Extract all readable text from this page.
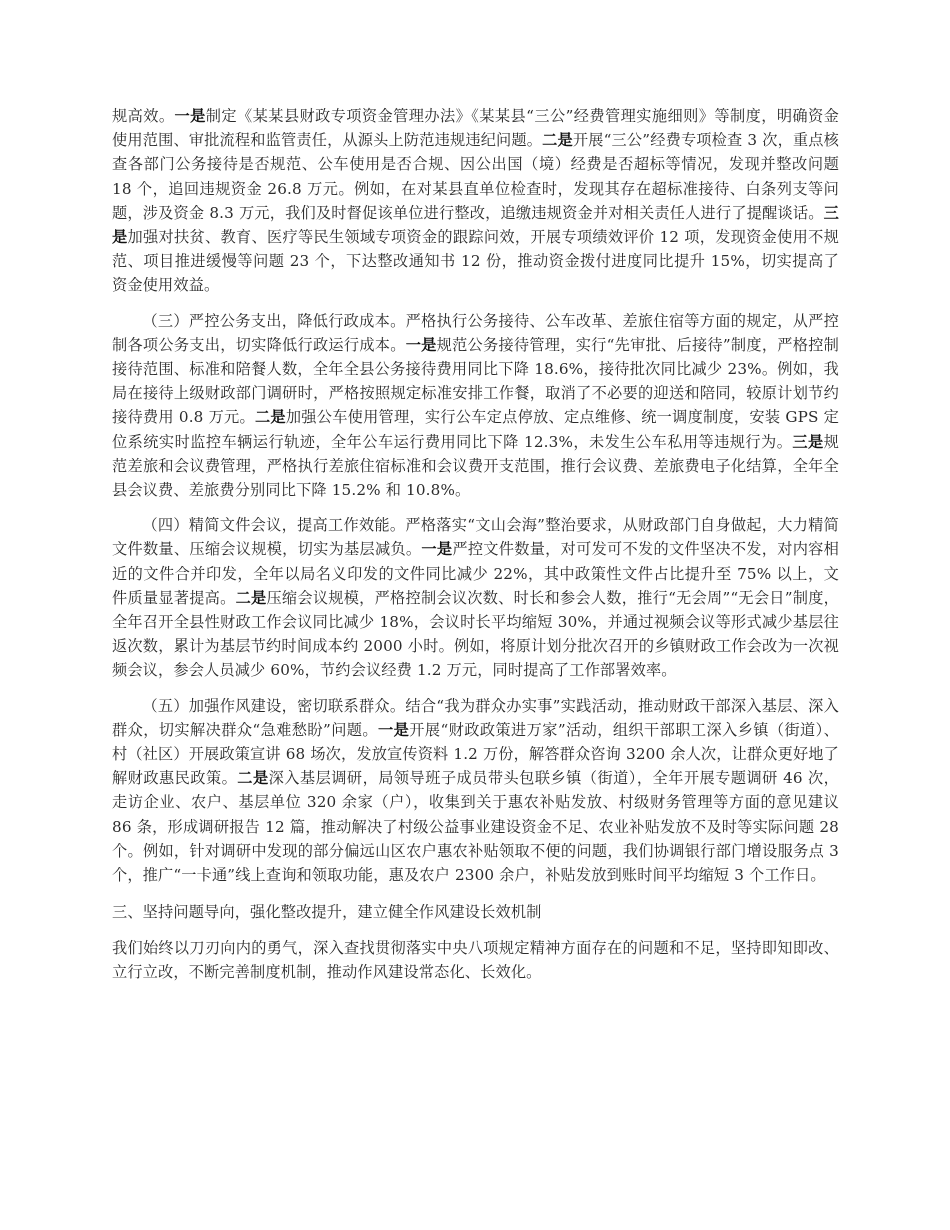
规高效。一是制定《某某县财政专项资金管理办法》《某某县“三公”经费管理实施细则》等制度，明确资金使用范围、审批流程和监管责任，从源头上防范违规违纪问题。二是开展“三公”经费专项检查 3 次，重点核查各部门公务接待是否规范、公车使用是否合规、因公出国（境）经费是否超标等情况，发现并整改问题 18 个，追回违规资金 26.8 万元。例如，在对某县直单位检查时，发现其存在超标准接待、白条列支等问题，涉及资金 8.3 万元，我们及时督促该单位进行整改，追缴违规资金并对相关责任人进行了提醒谈话。三是加强对扶贫、教育、医疗等民生领域专项资金的跟踪问效，开展专项绩效评价 12 项，发现资金使用不规范、项目推进缓慢等问题 23 个，下达整改通知书 12 份，推动资金拨付进度同比提升 15%，切实提高了资金使用效益。

（三）严控公务支出，降低行政成本。严格执行公务接待、公车改革、差旅住宿等方面的规定，从严控制各项公务支出，切实降低行政运行成本。一是规范公务接待管理，实行“先审批、后接待”制度，严格控制接待范围、标准和陪餐人数，全年全县公务接待费用同比下降 18.6%，接待批次同比减少 23%。例如，我局在接待上级财政部门调研时，严格按照规定标准安排工作餐，取消了不必要的迎送和陪同，较原计划节约接待费用 0.8 万元。二是加强公车使用管理，实行公车定点停放、定点维修、统一调度制度，安装 GPS 定位系统实时监控车辆运行轨迹，全年公车运行费用同比下降 12.3%，未发生公车私用等违规行为。三是规范差旅和会议费管理，严格执行差旅住宿标准和会议费开支范围，推行会议费、差旅费电子化结算，全年全县会议费、差旅费分别同比下降 15.2% 和 10.8%。

（四）精简文件会议，提高工作效能。严格落实“文山会海”整治要求，从财政部门自身做起，大力精简文件数量、压缩会议规模，切实为基层减负。一是严控文件数量，对可发可不发的文件坚决不发，对内容相近的文件合并印发，全年以局名义印发的文件同比减少 22%，其中政策性文件占比提升至 75% 以上，文件质量显著提高。二是压缩会议规模，严格控制会议次数、时长和参会人数，推行“无会周”“无会日”制度，全年召开全县性财政工作会议同比减少 18%，会议时长平均缩短 30%，并通过视频会议等形式减少基层往返次数，累计为基层节约时间成本约 2000 小时。例如，将原计划分批次召开的乡镇财政工作会改为一次视频会议，参会人员减少 60%，节约会议经费 1.2 万元，同时提高了工作部署效率。

（五）加强作风建设，密切联系群众。结合“我为群众办实事”实践活动，推动财政干部深入基层、深入群众，切实解决群众“急难愁盼”问题。一是开展“财政政策进万家”活动，组织干部职工深入乡镇（街道）、村（社区）开展政策宣讲 68 场次，发放宣传资料 1.2 万份，解答群众咨询 3200 余人次，让群众更好地了解财政惠民政策。二是深入基层调研，局领导班子成员带头包联乡镇（街道），全年开展专题调研 46 次，走访企业、农户、基层单位 320 余家（户），收集到关于惠农补贴发放、村级财务管理等方面的意见建议 86 条，形成调研报告 12 篇，推动解决了村级公益事业建设资金不足、农业补贴发放不及时等实际问题 28 个。例如，针对调研中发现的部分偏远山区农户惠农补贴领取不便的问题，我们协调银行部门增设服务点 3 个，推广“一卡通”线上查询和领取功能，惠及农户 2300 余户，补贴发放到账时间平均缩短 3 个工作日。

三、坚持问题导向，强化整改提升，建立健全作风建设长效机制

我们始终以刀刃向内的勇气，深入查找贯彻落实中央八项规定精神方面存在的问题和不足，坚持即知即改、立行立改，不断完善制度机制，推动作风建设常态化、长效化。
